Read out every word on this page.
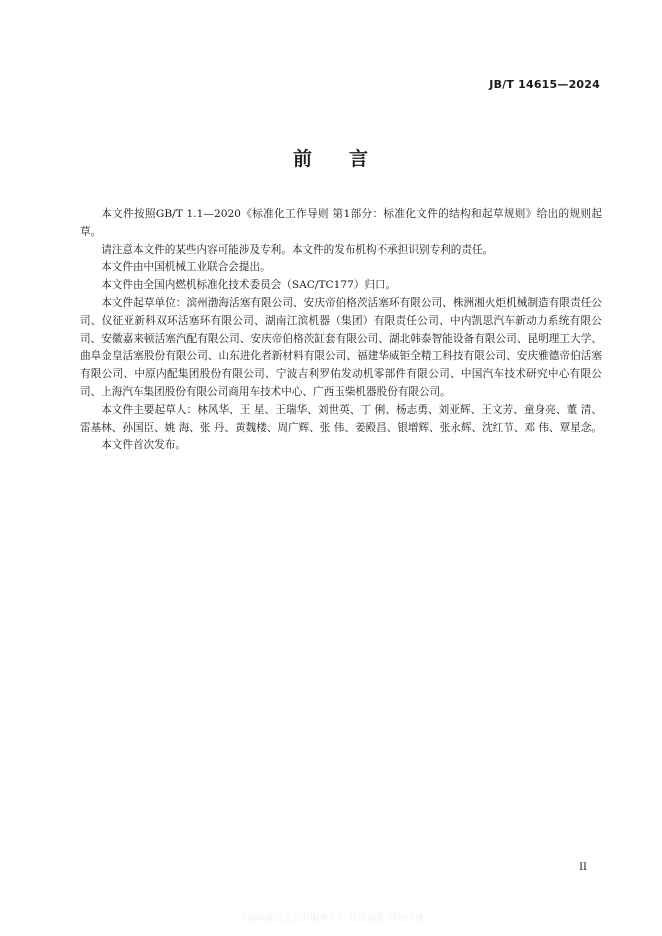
JB/T 14615—2024
前 言

本文件按照GB/T 1.1—2020《标准化工作导则 第1部分：标准化文件的结构和起草规则》给出的规则起草。

请注意本文件的某些内容可能涉及专利。本文件的发布机构不承担识别专利的责任。

本文件由中国机械工业联合会提出。

本文件由全国内燃机标准化技术委员会（SAC/TC177）归口。

本文件起草单位：滨州渤海活塞有限公司、安庆帝伯格茨活塞环有限公司、株洲湘火炬机械制造有限责任公司、仪征亚新科双环活塞环有限公司、湖南江滨机器（集团）有限责任公司、中内凯思汽车新动力系统有限公司、安徽嘉来顿活塞汽配有限公司、安庆帝伯格茨缸套有限公司、湖北韩泰智能设备有限公司、昆明理工大学、曲阜金皇活塞股份有限公司、山东进化者新材料有限公司、福建华威钜全精工科技有限公司、安庆雅德帝伯活塞有限公司、中原内配集团股份有限公司、宁波吉利罗佑发动机零部件有限公司、中国汽车技术研究中心有限公司、上海汽车集团股份有限公司商用车技术中心、广西玉柴机器股份有限公司。

本文件主要起草人：林风华、王 星、王瑞华、刘世英、丁 俐、杨志勇、刘亚辉、王文芳、童身亮、董 清、雷基林、孙国臣、姚 海、张 丹、黄魏楼、周广辉、张 伟、姜殿昌、银增辉、张永辉、沈红节、邓 伟、覃星念。

本文件首次发布。

II
全国标准信息公共服务平台 仅供浏览 请勿传播
